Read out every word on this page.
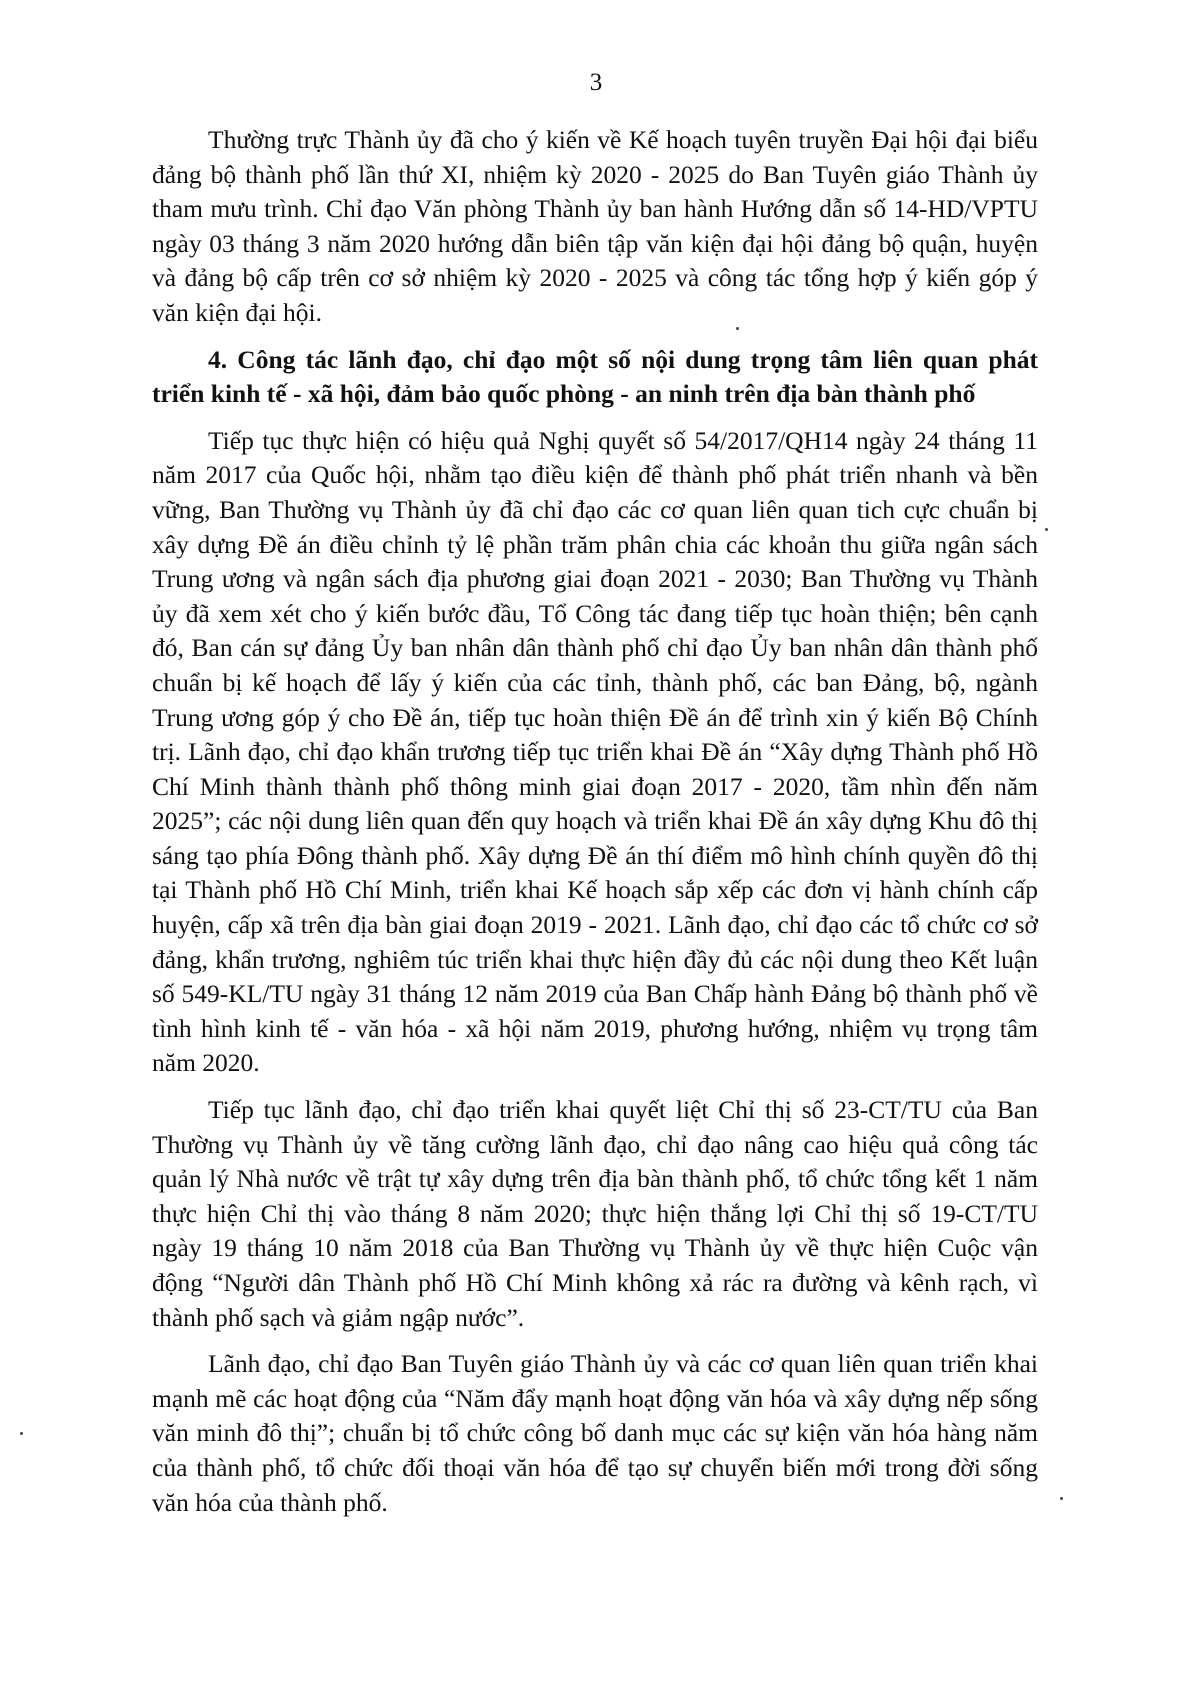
3

Thường trực Thành ủy đã cho ý kiến về Kế hoạch tuyên truyền Đại hội đại biểu đảng bộ thành phố lần thứ XI, nhiệm kỳ 2020 - 2025 do Ban Tuyên giáo Thành ủy tham mưu trình. Chỉ đạo Văn phòng Thành ủy ban hành Hướng dẫn số 14-HD/VPTU ngày 03 tháng 3 năm 2020 hướng dẫn biên tập văn kiện đại hội đảng bộ quận, huyện và đảng bộ cấp trên cơ sở nhiệm kỳ 2020 - 2025 và công tác tổng hợp ý kiến góp ý văn kiện đại hội.

4. Công tác lãnh đạo, chỉ đạo một số nội dung trọng tâm liên quan phát triển kinh tế - xã hội, đảm bảo quốc phòng - an ninh trên địa bàn thành phố

Tiếp tục thực hiện có hiệu quả Nghị quyết số 54/2017/QH14 ngày 24 tháng 11 năm 2017 của Quốc hội, nhằm tạo điều kiện để thành phố phát triển nhanh và bền vững, Ban Thường vụ Thành ủy đã chỉ đạo các cơ quan liên quan tich cực chuẩn bị xây dựng Đề án điều chỉnh tỷ lệ phần trăm phân chia các khoản thu giữa ngân sách Trung ương và ngân sách địa phương giai đoạn 2021 - 2030; Ban Thường vụ Thành ủy đã xem xét cho ý kiến bước đầu, Tổ Công tác đang tiếp tục hoàn thiện; bên cạnh đó, Ban cán sự đảng Ủy ban nhân dân thành phố chỉ đạo Ủy ban nhân dân thành phố chuẩn bị kế hoạch để lấy ý kiến của các tỉnh, thành phố, các ban Đảng, bộ, ngành Trung ương góp ý cho Đề án, tiếp tục hoàn thiện Đề án để trình xin ý kiến Bộ Chính trị. Lãnh đạo, chỉ đạo khẩn trương tiếp tục triển khai Đề án “Xây dựng Thành phố Hồ Chí Minh thành thành phố thông minh giai đoạn 2017 - 2020, tầm nhìn đến năm 2025”; các nội dung liên quan đến quy hoạch và triển khai Đề án xây dựng Khu đô thị sáng tạo phía Đông thành phố. Xây dựng Đề án thí điểm mô hình chính quyền đô thị tại Thành phố Hồ Chí Minh, triển khai Kế hoạch sắp xếp các đơn vị hành chính cấp huyện, cấp xã trên địa bàn giai đoạn 2019 - 2021. Lãnh đạo, chỉ đạo các tổ chức cơ sở đảng, khẩn trương, nghiêm túc triển khai thực hiện đầy đủ các nội dung theo Kết luận số 549-KL/TU ngày 31 tháng 12 năm 2019 của Ban Chấp hành Đảng bộ thành phố về tình hình kinh tế - văn hóa - xã hội năm 2019, phương hướng, nhiệm vụ trọng tâm năm 2020.

Tiếp tục lãnh đạo, chỉ đạo triển khai quyết liệt Chỉ thị số 23-CT/TU của Ban Thường vụ Thành ủy về tăng cường lãnh đạo, chỉ đạo nâng cao hiệu quả công tác quản lý Nhà nước về trật tự xây dựng trên địa bàn thành phố, tổ chức tổng kết 1 năm thực hiện Chỉ thị vào tháng 8 năm 2020; thực hiện thắng lợi Chỉ thị số 19-CT/TU ngày 19 tháng 10 năm 2018 của Ban Thường vụ Thành ủy về thực hiện Cuộc vận động “Người dân Thành phố Hồ Chí Minh không xả rác ra đường và kênh rạch, vì thành phố sạch và giảm ngập nước”.

Lãnh đạo, chỉ đạo Ban Tuyên giáo Thành ủy và các cơ quan liên quan triển khai mạnh mẽ các hoạt động của “Năm đẩy mạnh hoạt động văn hóa và xây dựng nếp sống văn minh đô thị”; chuẩn bị tổ chức công bố danh mục các sự kiện văn hóa hàng năm của thành phố, tổ chức đối thoại văn hóa để tạo sự chuyển biến mới trong đời sống văn hóa của thành phố.
